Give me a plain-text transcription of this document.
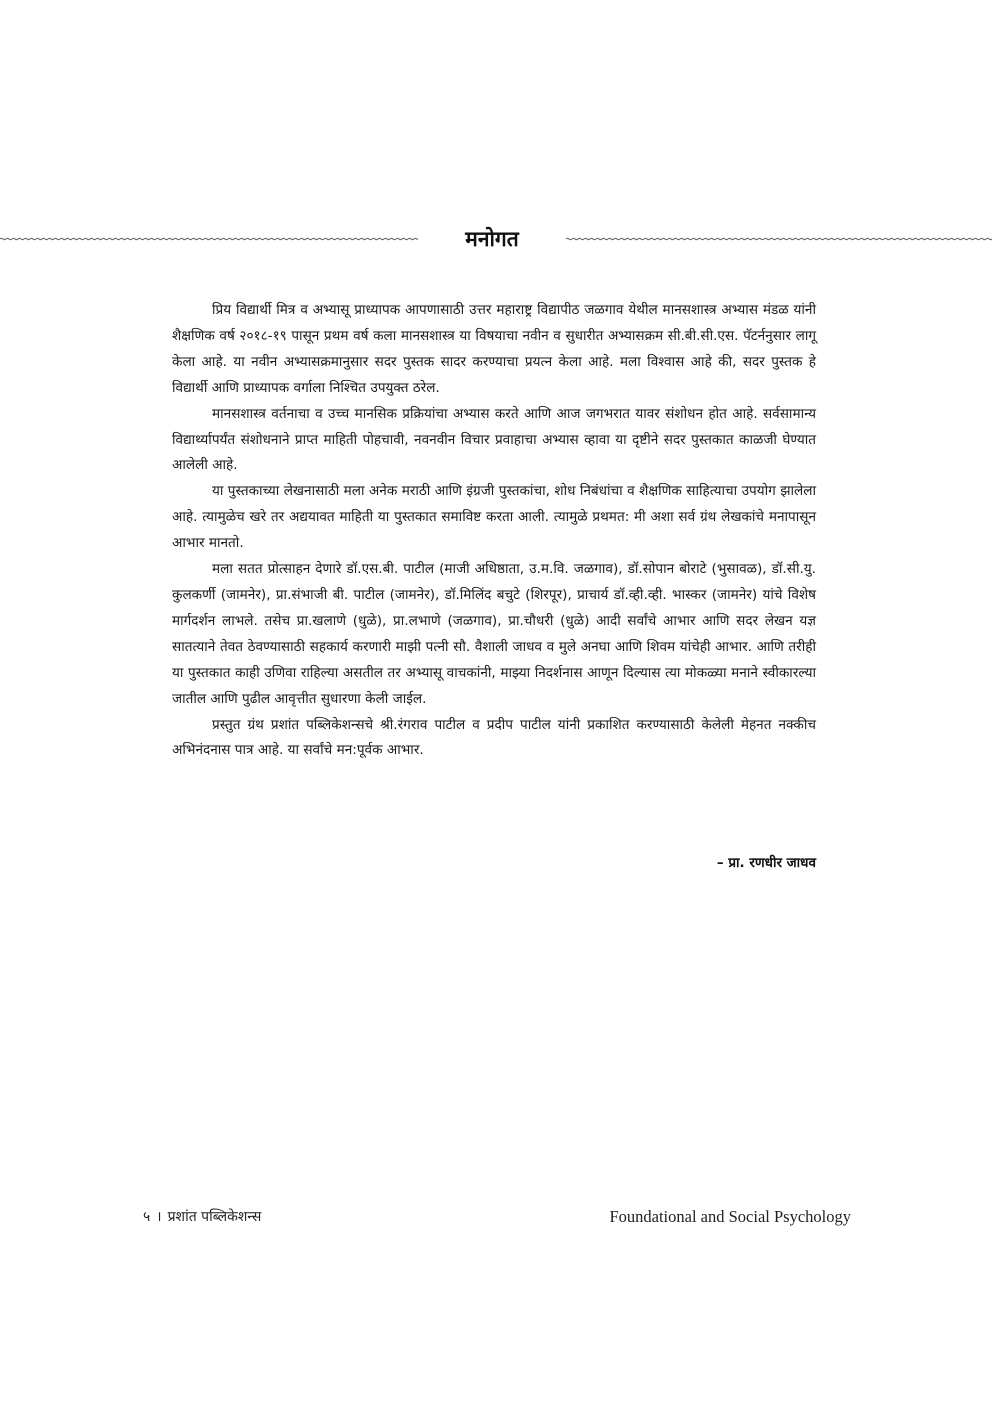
मनोगत

प्रिय विद्यार्थी मित्र व अभ्यासू प्राध्यापक आपणासाठी उत्तर महाराष्ट्र विद्यापीठ जळगाव येथील मानसशास्त्र अभ्यास मंडळ यांनी शैक्षणिक वर्ष २०१८-१९ पासून प्रथम वर्ष कला मानसशास्त्र या विषयाचा नवीन व सुधारीत अभ्यासक्रम सी.बी.सी.एस. पॅटर्ननुसार लागू केला आहे. या नवीन अभ्यासक्रमानुसार सदर पुस्तक सादर करण्याचा प्रयत्न केला आहे. मला विश्वास आहे की, सदर पुस्तक हे विद्यार्थी आणि प्राध्यापक वर्गाला निश्चित उपयुक्त ठरेल.

मानसशास्त्र वर्तनाचा व उच्च मानसिक प्रक्रियांचा अभ्यास करते आणि आज जगभरात यावर संशोधन होत आहे. सर्वसामान्य विद्यार्थ्यापर्यंत संशोधनाने प्राप्त माहिती पोहचावी, नवनवीन विचार प्रवाहाचा अभ्यास व्हावा या दृष्टीने सदर पुस्तकात काळजी घेण्यात आलेली आहे.

या पुस्तकाच्या लेखनासाठी मला अनेक मराठी आणि इंग्रजी पुस्तकांचा, शोध निबंधांचा व शैक्षणिक साहित्याचा उपयोग झालेला आहे. त्यामुळेच खरे तर अद्ययावत माहिती या पुस्तकात समाविष्ट करता आली. त्यामुळे प्रथमत: मी अशा सर्व ग्रंथ लेखकांचे मनापासून आभार मानतो.

मला सतत प्रोत्साहन देणारे डॉ.एस.बी. पाटील (माजी अधिष्ठाता, उ.म.वि. जळगाव), डॉ.सोपान बोराटे (भुसावळ), डॉ.सी.यु. कुलकर्णी (जामनेर), प्रा.संभाजी बी. पाटील (जामनेर), डॉ.मिलिंद बचुटे (शिरपूर), प्राचार्य डॉ.व्ही.व्ही. भास्कर (जामनेर) यांचे विशेष मार्गदर्शन लाभले. तसेच प्रा.खलाणे (धुळे), प्रा.लभाणे (जळगाव), प्रा.चौधरी (धुळे) आदी सर्वांचे आभार आणि सदर लेखन यज्ञ सातत्याने तेवत ठेवण्यासाठी सहकार्य करणारी माझी पत्नी सौ. वैशाली जाधव व मुले अनघा आणि शिवम यांचेही आभार. आणि तरीही या पुस्तकात काही उणिवा राहिल्या असतील तर अभ्यासू वाचकांनी, माझ्या निदर्शनास आणून दिल्यास त्या मोकळ्या मनाने स्वीकारल्या जातील आणि पुढील आवृत्तीत सुधारणा केली जाईल.

प्रस्तुत ग्रंथ प्रशांत पब्लिकेशन्सचे श्री.रंगराव पाटील व प्रदीप पाटील यांनी प्रकाशित करण्यासाठी केलेली मेहनत नक्कीच अभिनंदनास पात्र आहे. या सर्वांचे मन:पूर्वक आभार.

– प्रा. रणधीर जाधव
५ । प्रशांत पब्लिकेशन्स	Foundational and Social Psychology
